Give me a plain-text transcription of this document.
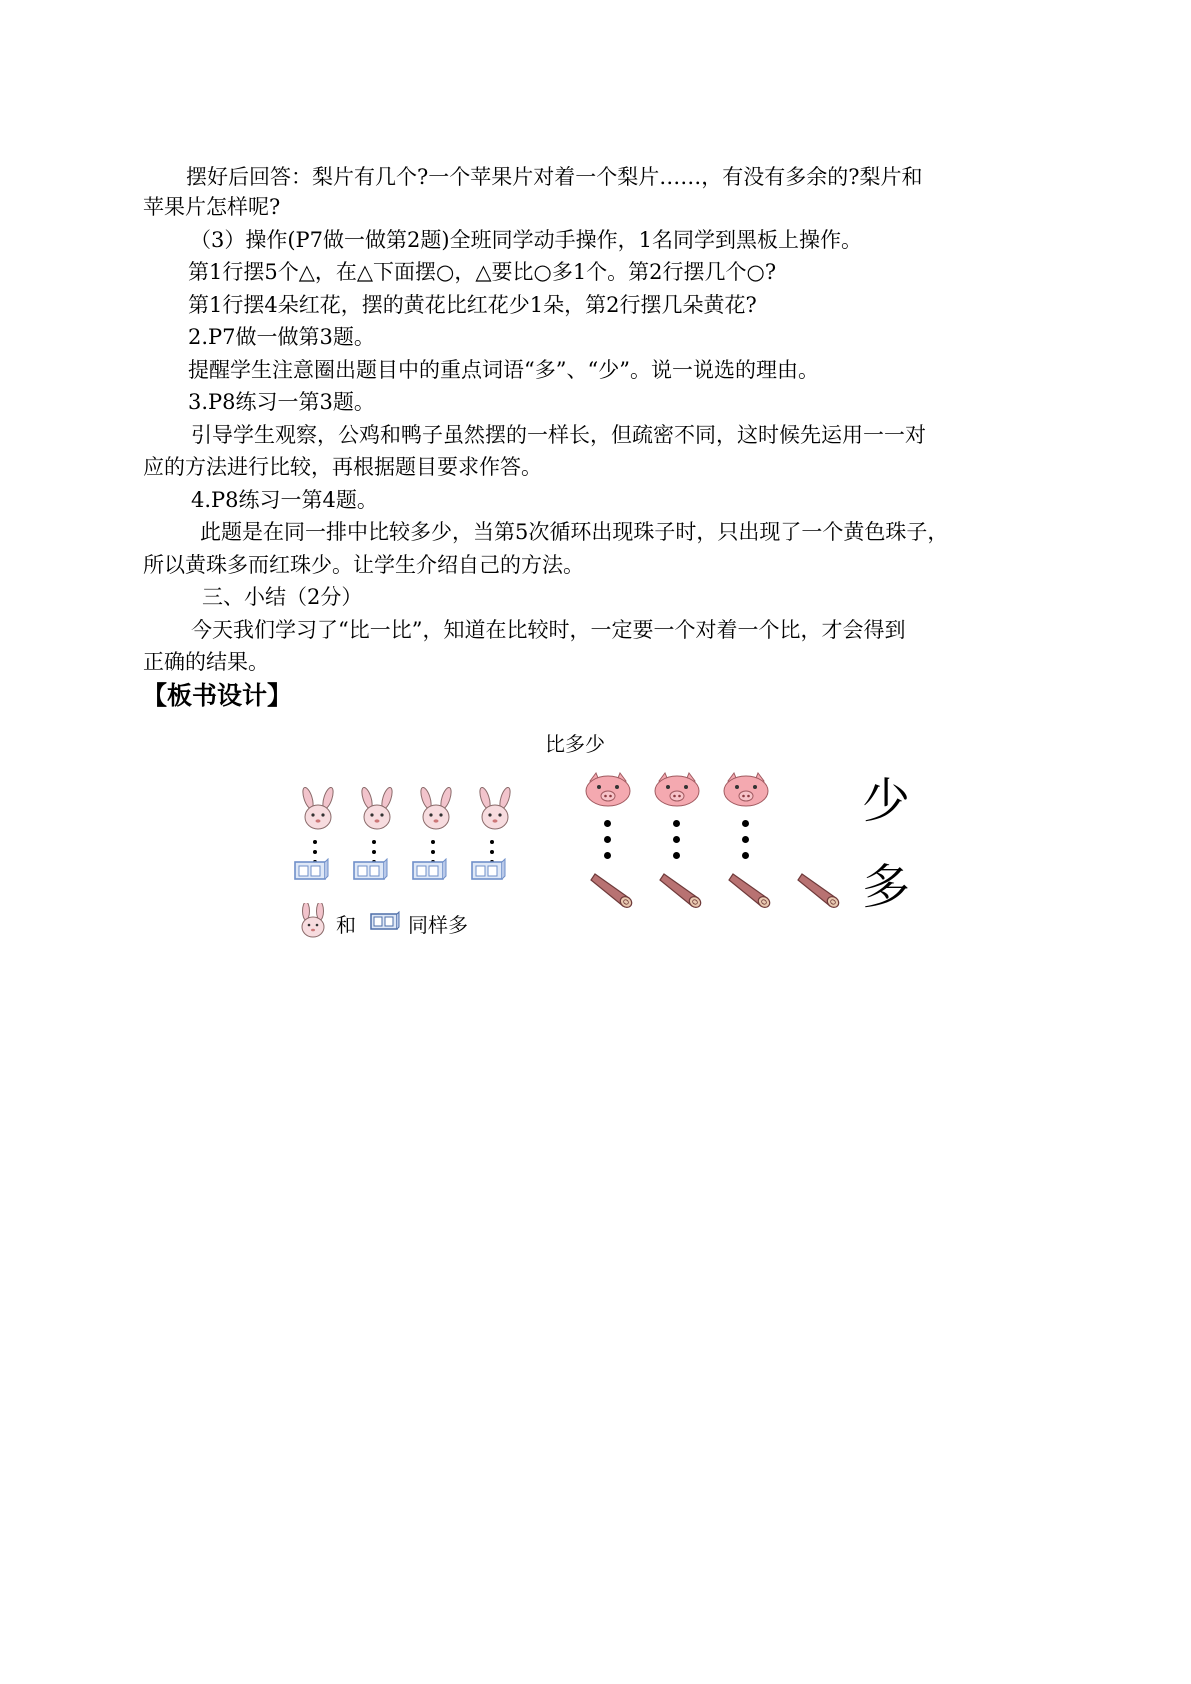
摆好后回答：梨片有几个?一个苹果片对着一个梨片……，有没有多余的?梨片和
苹果片怎样呢?
（3）操作(P7做一做第2题)全班同学动手操作，1名同学到黑板上操作。
第1行摆5个△，在△下面摆○，△要比○多1个。第2行摆几个○?
第1行摆4朵红花，摆的黄花比红花少1朵，第2行摆几朵黄花?
2.P7做一做第3题。
提醒学生注意圈出题目中的重点词语“多”、“少”。说一说选的理由。
3.P8练习一第3题。
引导学生观察，公鸡和鸭子虽然摆的一样长，但疏密不同，这时候先运用一一对
应的方法进行比较，再根据题目要求作答。
4.P8练习一第4题。
此题是在同一排中比较多少，当第5次循环出现珠子时，只出现了一个黄色珠子，
所以黄珠多而红珠少。让学生介绍自己的方法。
三、小结（2分）
今天我们学习了“比一比”，知道在比较时，一定要一个对着一个比，才会得到
正确的结果。
【板书设计】
比多少
少
多
和	同样多
